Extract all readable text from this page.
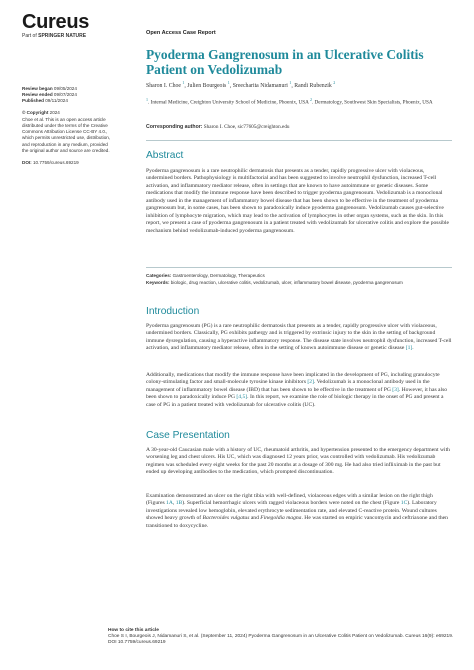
Cureus
Part of SPRINGER NATURE	Open Access Case Report
Review began 09/05/2024
Review ended 09/07/2024
Published 09/11/2024
© Copyright 2024
Choe et al. This is an open access article distributed under the terms of the Creative Commons Attribution License CC-BY 4.0., which permits unrestricted use, distribution, and reproduction in any medium, provided the original author and source are credited.
DOI: 10.7759/cureus.69219
Pyoderma Gangrenosum in an Ulcerative Colitis Patient on Vedolizumab
Sharon I. Choe $^1$, Julien Bourgeois $^1$, Sreecharita Nidamanuri $^1$, Randi Rubenzik $^2$
$^1$. Internal Medicine, Creighton University School of Medicine, Phoenix, USA $^2$. Dermatology, Southwest Skin Specialists, Phoenix, USA
Corresponding author: Sharon I. Choe, sic77605@creighton.edu
Abstract
Pyoderma gangrenosum is a rare neutrophilic dermatosis that presents as a tender, rapidly progressive ulcer with violaceous, undermined borders. Pathophysiology is multifactorial and has been suggested to involve neutrophil dysfunction, increased T-cell activation, and inflammatory mediator release, often in settings that are known to have autoimmune or genetic diseases. Some medications that modify the immune response have been described to trigger pyoderma gangrenosum. Vedolizumab is a monoclonal antibody used in the management of inflammatory bowel disease that has been shown to be effective in the treatment of pyoderma gangrenosum but, in some cases, has been shown to paradoxically induce pyoderma gangrenosum. Vedolizumab causes gut-selective inhibition of lymphocyte migration, which may lead to the activation of lymphocytes in other organ systems, such as the skin. In this report, we present a case of pyoderma gangrenosum in a patient treated with vedolizumab for ulcerative colitis and explore the possible mechanism behind vedolizumab-induced pyoderma gangrenosum.
Categories: Gastroenterology, Dermatology, Therapeutics
Keywords: biologic, drug reaction, ulcerative colitis, vedolizumab, ulcer, inflammatory bowel disease, pyoderma gangrenosum
Introduction
Pyoderma gangrenosum (PG) is a rare neutrophilic dermatosis that presents as a tender, rapidly progressive ulcer with violaceous, undermined borders. Classically, PG exhibits pathergy and is triggered by extrinsic injury to the skin in the setting of background immune dysregulation, causing a hyperactive inflammatory response. The disease state involves neutrophil dysfunction, increased T-cell activation, and inflammatory mediator release, often in the setting of known autoimmune disease or genetic disease [1].
Additionally, medications that modify the immune response have been implicated in the development of PG, including granulocyte colony-stimulating factor and small-molecule tyrosine kinase inhibitors [2]. Vedolizumab is a monoclonal antibody used in the management of inflammatory bowel disease (IBD) that has been shown to be effective in the treatment of PG [3]. However, it has also been shown to paradoxically induce PG [4,5]. In this report, we examine the role of biologic therapy in the onset of PG and present a case of PG in a patient treated with vedolizumab for ulcerative colitis (UC).
Case Presentation
A 30-year-old Caucasian male with a history of UC, rheumatoid arthritis, and hypertension presented to the emergency department with worsening leg and chest ulcers. His UC, which was diagnosed 12 years prior, was controlled with vedolizumab. His vedolizumab regimen was scheduled every eight weeks for the past 20 months at a dosage of 300 mg. He had also tried infliximab in the past but ended up developing antibodies to the medication, which prompted discontinuation.
Examination demonstrated an ulcer on the right tibia with well-defined, violaceous edges with a similar lesion on the right thigh (Figures 1A, 1B). Superficial hemorrhagic ulcers with ragged violaceous borders were noted on the chest (Figure 1C). Laboratory investigations revealed low hemoglobin, elevated erythrocyte sedimentation rate, and elevated C-reactive protein. Wound cultures showed heavy growth of Bacteroides vulgatus and Finegoldia magna. He was started on empiric vancomycin and ceftriaxone and then transitioned to doxycycline.
How to cite this article
Choe S I, Bourgeois J, Nidamanuri S, et al. (September 11, 2024) Pyoderma Gangrenosum in an Ulcerative Colitis Patient on Vedolizumab. Cureus 16(9): e69219. DOI 10.7759/cureus.69219
